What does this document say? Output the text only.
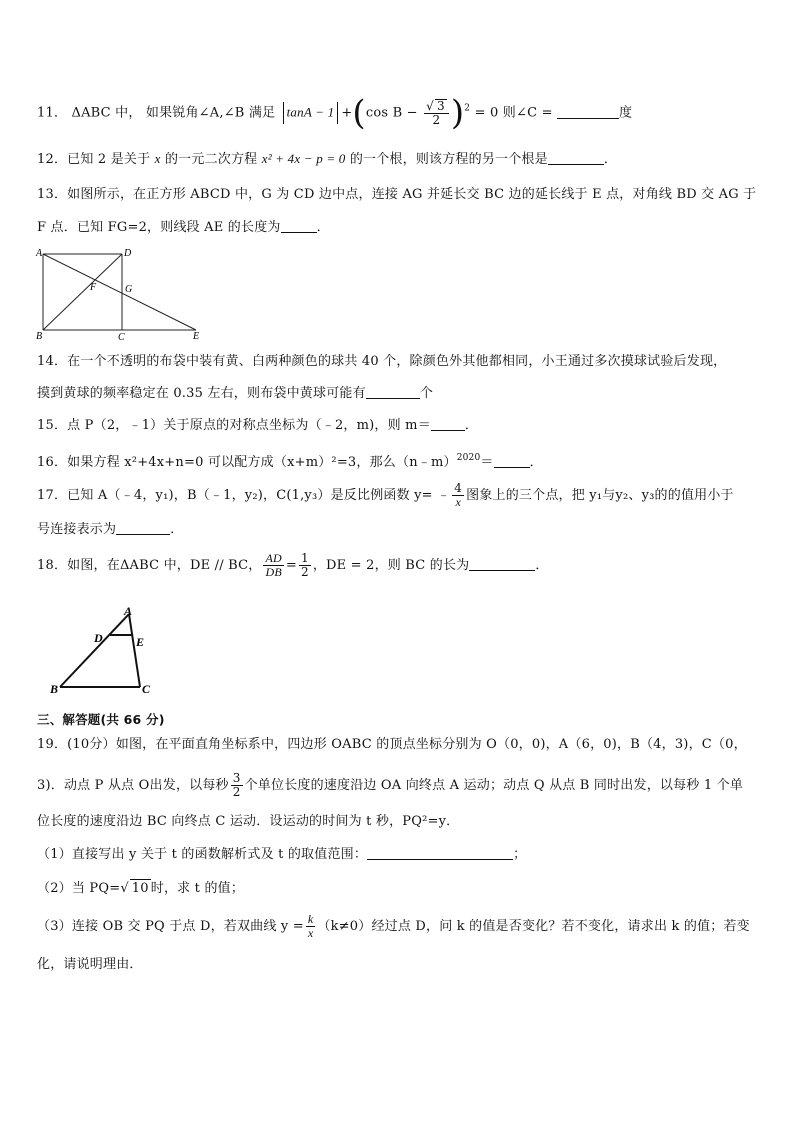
11． ΔABC 中， 如果锐角∠A,∠B 满足 tanA − 1 +(cos $B - \frac{√ 3}{2} )^2 = 0$ 则∠C =	度
12．已知 2 是关于 x 的一元二次方程 x² + 4x − p = 0 的一个根，则该方程的另一个根是	．
13．如图所示，在正方形 ABCD 中，G 为 CD 边中点，连接 AG 并延长交 BC 边的延长线于 E 点，对角线 BD 交 AG 于
F 点．已知 FG=2，则线段 AE 的长度为	．
A	D
F	G
B	C	E
14．在一个不透明的布袋中装有黄、白两种颜色的球共 40 个，除颜色外其他都相同，小王通过多次摸球试验后发现，
摸到黄球的频率稳定在 0.35 左右，则布袋中黄球可能有	个
15．点 P（2，﹣1）关于原点的对称点坐标为（﹣2，m)，则 m＝	．
16．如果方程 x²+4x+n=0 可以配方成（x+m）²=3，那么（n﹣m）$^{2020}$＝	．
17．已知 A（﹣4，y₁)，B（﹣1，y₂)，C(1,y₃）是反比例函数 y= ﹣ $\frac{4}{x}$ 图象上的三个点，把 y₁与y₂、y₃的的值用小于
号连接表示为	．
18．如图，在ΔABC 中，DE // BC， $\frac{AD}{DB} = \frac{1}{2}$ ，DE = 2，则 BC 的长为	．
A
D	E
B	C
三、解答题(共 66 分)
19．(10分）如图，在平面直角坐标系中，四边形 OABC 的顶点坐标分别为 O（0，0)，A（6，0)，B（4，3)，C（0，
3)．动点 P 从点 O出发，以每秒 $\frac{3}{2}$ 个单位长度的速度沿边 OA 向终点 A 运动；动点 Q 从点 B 同时出发，以每秒 1 个单
位长度的速度沿边 BC 向终点 C 运动．设运动的时间为 t 秒，PQ²=y．
（1）直接写出 y 关于 t 的函数解析式及 t 的取值范围：	；
（2）当 PQ=√ 10 时，求 t 的值；
（3）连接 OB 交 PQ 于点 D，若双曲线 $y = \frac{k}{x} (k\ne 0)$经过点 D，问 k 的值是否变化？若不变化，请求出 k 的值；若变
化，请说明理由．
